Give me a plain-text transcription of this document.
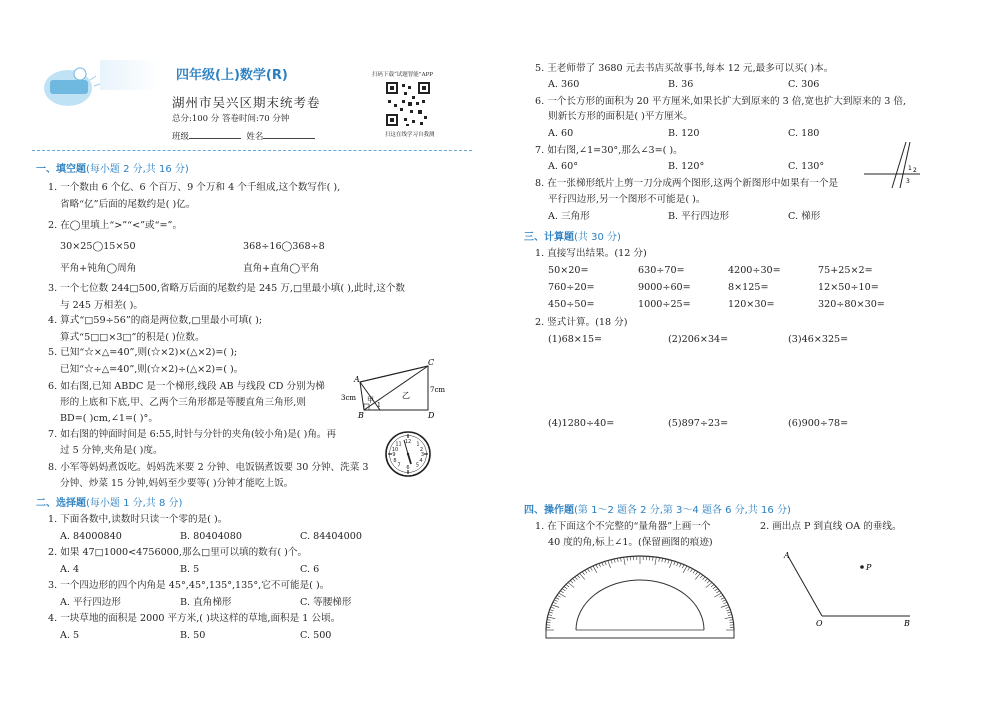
四年级(上)数学(R)
湖州市吴兴区期末统考卷
总分:100 分 答卷时间:70 分钟
班级	姓名
扫码下载“试题智能”APP
扫这在线学习自我测
一、填空题(每小题 2 分,共 16 分)
1. 一个数由 6 个亿、6 个百万、9 个万和 4 个千组成,这个数写作( ),
省略“亿”后面的尾数约是( )亿。
2. 在◯里填上“>”“<”或“=”。
30×25◯15×50	368÷16◯368÷8
平角+钝角◯周角	直角+直角◯平角
3. 一个七位数 244□500,省略万后面的尾数约是 245 万,□里最小填( ),此时,这个数
与 245 万相差( )。
4. 算式“□59÷56”的商是两位数,□里最小可填( );
算式“5□□×3□”的积是( )位数。
5. 已知“☆×△=40”,则(☆×2)×(△×2)=( );
已知“☆÷△=40”,则(☆×2)÷(△×2)=( )。
6. 如右图,已知 ABDC 是一个梯形,线段 AB 与线段 CD 分别为梯
形的上底和下底,甲、乙两个三角形都是等腰直角三角形,则
BD=( )cm,∠1=( )°。
A
B
C
D
3cm
7cm
甲	乙
1
7. 如右图的钟面时间是 6:55,时针与分针的夹角(较小角)是( )角。再
过 5 分钟,夹角是( )度。
12 1
2
3
4
5
6
7
8
9
10
11
8. 小军等妈妈煮饭吃。妈妈洗米要 2 分钟、电饭锅煮饭要 30 分钟、洗菜 3
分钟、炒菜 15 分钟,妈妈至少要等( )分钟才能吃上饭。
二、选择题(每小题 1 分,共 8 分)
1. 下面各数中,读数时只读一个零的是( )。
A. 84000840	B. 80404080	C. 84404000
2. 如果 47□1000<4756000,那么□里可以填的数有( )个。
A. 4	B. 5	C. 6
3. 一个四边形的四个内角是 45°,45°,135°,135°,它不可能是( )。
A. 平行四边形	B. 直角梯形	C. 等腰梯形
4. 一块草地的面积是 2000 平方米,( )块这样的草地,面积是 1 公顷。
A. 5	B. 50	C. 500
5. 王老师带了 3680 元去书店买故事书,每本 12 元,最多可以买( )本。
A. 360	B. 36	C. 306
6. 一个长方形的面积为 20 平方厘米,如果长扩大到原来的 3 倍,宽也扩大到原来的 3 倍,
则新长方形的面积是( )平方厘米。
A. 60	B. 120	C. 180
7. 如右图,∠1=30°,那么∠3=( )。
A. 60°	B. 120°	C. 130°	1 2
3
8. 在一张梯形纸片上剪一刀分成两个图形,这两个新图形中如果有一个是
平行四边形,另一个图形不可能是( )。
A. 三角形	B. 平行四边形	C. 梯形
三、计算题(共 30 分)
1. 直接写出结果。(12 分)
50×20=	630÷70=	4200÷30=	75+25×2=
760÷20=	9000÷60=	8×125=	12×50÷10=
450÷50=	1000÷25=	120×30=	320÷80×30=
2. 竖式计算。(18 分)
(1)68×15=	(2)206×34=	(3)46×325=
(4)1280÷40=	(5)897÷23=	(6)900÷78=
四、操作题(第 1～2 题各 2 分,第 3～4 题各 6 分,共 16 分)
1. 在下面这个不完整的“量角器”上画一个
40 度的角,标上∠1。(保留画图的痕迹)
2. 画出点 P 到直线 OA 的垂线。
A
O	B
P
